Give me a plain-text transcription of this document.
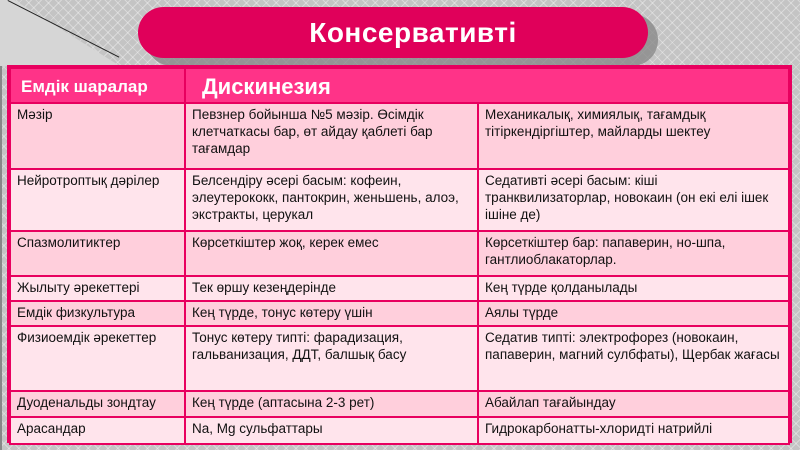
Консервативті
Емдік шаралар	Дискинезия	
Мәзір	Певзнер бойынша №5 мәзір. Өсімдік клетчаткасы бар, өт айдау қаблеті бар тағамдар	Механикалық, химиялық, тағамдық тітіркендіргіштер, майларды шектеу
Нейротроптық дәрілер	Белсендіру әсері басым: кофеин, элеутерококк, пантокрин, женьшень, алоэ, экстракты, церукал	Седативті әсері басым: кіші транквилизаторлар, новокаин (он екі елі ішек ішіне де)
Спазмолитиктер	Көрсеткіштер жоқ, керек емес	Көрсеткіштер бар: папаверин, но-шпа, гантлиоблакаторлар.
Жылыту әрекеттері	Тек өршу кезеңдерінде	Кең түрде қолданылады
Емдік физкультура	Кең түрде, тонус көтеру үшін	Аялы түрде
Физиоемдік әрекеттер	Тонус көтеру типті: фарадизация, гальванизация, ДДТ, балшық басу	Седатив типті: электрофорез (новокаин, папаверин, магний сулбфаты), Щербак жағасы
Дуоденальды зондтау	Кең түрде (аптасына 2-3 рет)	Абайлап тағайындау
Арасандар	Na, Mg сульфаттары	Гидрокарбонатты-хлоридті натрийлі
